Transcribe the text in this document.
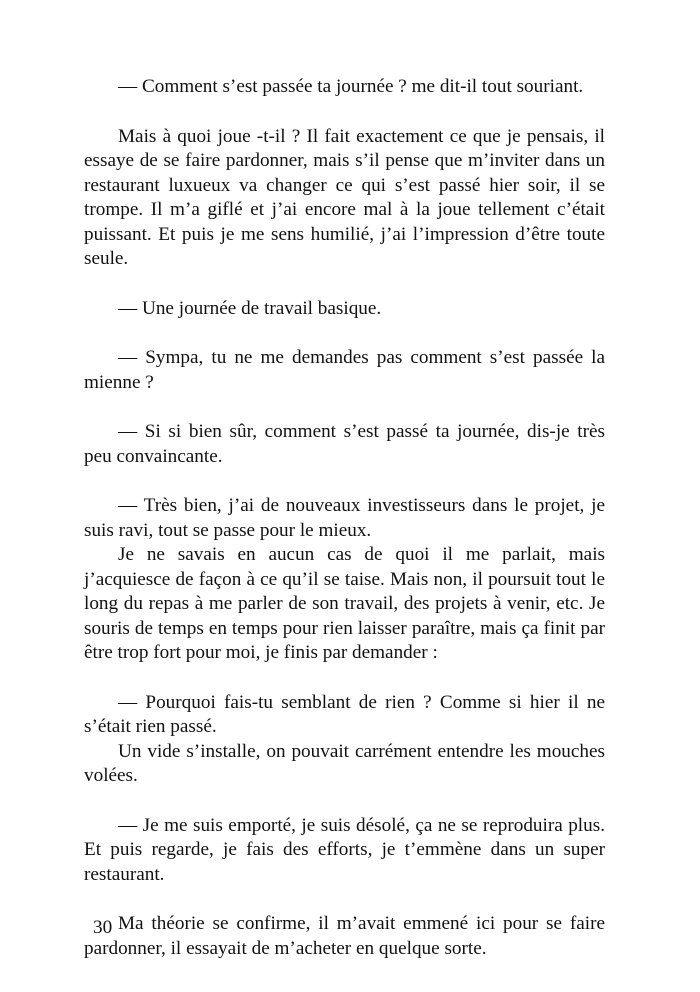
— Comment s’est passée ta journée ? me dit-il tout souriant.

Mais à quoi joue -t-il ? Il fait exactement ce que je pensais, il essaye de se faire pardonner, mais s’il pense que m’inviter dans un restaurant luxueux va changer ce qui s’est passé hier soir, il se trompe. Il m’a giflé et j’ai encore mal à la joue tellement c’était puissant. Et puis je me sens humilié, j’ai l’impression d’être toute seule.

— Une journée de travail basique.

— Sympa, tu ne me demandes pas comment s’est passée la mienne ?

— Si si bien sûr, comment s’est passé ta journée, dis-je très peu convaincante.

— Très bien, j’ai de nouveaux investisseurs dans le projet, je suis ravi, tout se passe pour le mieux.

Je ne savais en aucun cas de quoi il me parlait, mais j’acquiesce de façon à ce qu’il se taise. Mais non, il poursuit tout le long du repas à me parler de son travail, des projets à venir, etc. Je souris de temps en temps pour rien laisser paraître, mais ça finit par être trop fort pour moi, je finis par demander :

— Pourquoi fais-tu semblant de rien ? Comme si hier il ne s’était rien passé.

Un vide s’installe, on pouvait carrément entendre les mouches volées.

— Je me suis emporté, je suis désolé, ça ne se reproduira plus. Et puis regarde, je fais des efforts, je t’emmène dans un super restaurant.

Ma théorie se confirme, il m’avait emmené ici pour se faire pardonner, il essayait de m’acheter en quelque sorte.

30
